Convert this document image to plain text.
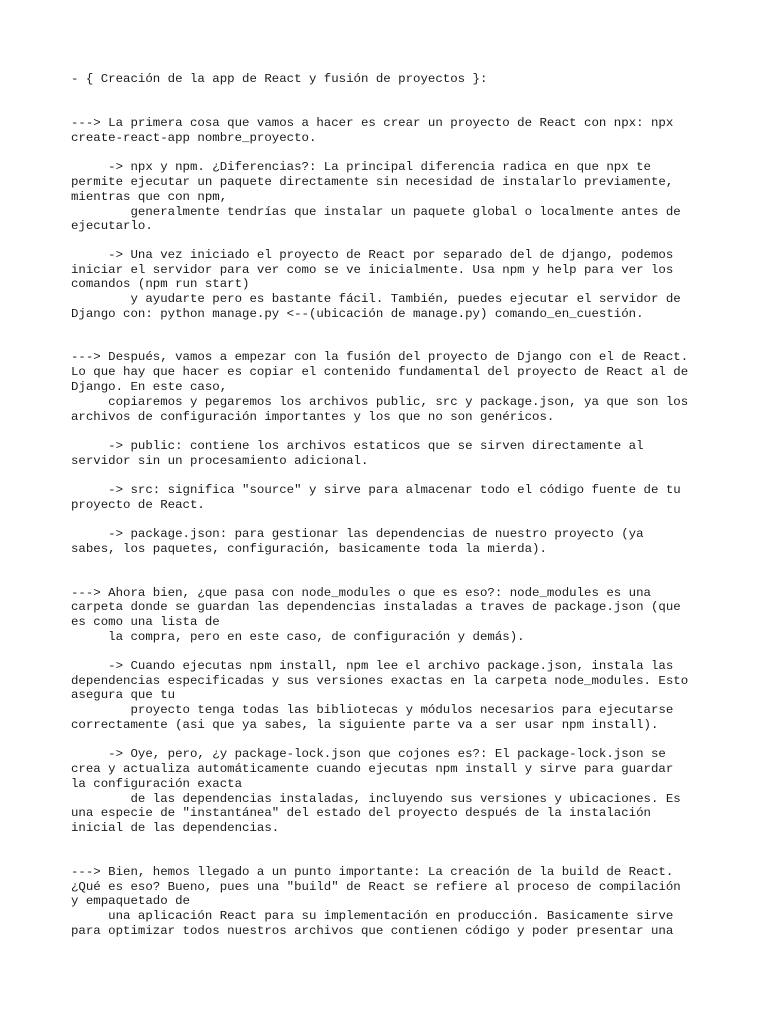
- { Creación de la app de React y fusión de proyectos }:
---> La primera cosa que vamos a hacer es crear un proyecto de React con npx: npx
create-react-app nombre_proyecto.
-> npx y npm. ¿Diferencias?: La principal diferencia radica en que npx te
permite ejecutar un paquete directamente sin necesidad de instalarlo previamente,
mientras que con npm,
generalmente tendrías que instalar un paquete global o localmente antes de
ejecutarlo.
-> Una vez iniciado el proyecto de React por separado del de django, podemos
iniciar el servidor para ver como se ve inicialmente. Usa npm y help para ver los
comandos (npm run start)
y ayudarte pero es bastante fácil. También, puedes ejecutar el servidor de
Django con: python manage.py <--(ubicación de manage.py) comando_en_cuestión.
---> Después, vamos a empezar con la fusión del proyecto de Django con el de React.
Lo que hay que hacer es copiar el contenido fundamental del proyecto de React al de
Django. En este caso,
copiaremos y pegaremos los archivos public, src y package.json, ya que son los
archivos de configuración importantes y los que no son genéricos.
-> public: contiene los archivos estaticos que se sirven directamente al
servidor sin un procesamiento adicional.
-> src: significa "source" y sirve para almacenar todo el código fuente de tu
proyecto de React.
-> package.json: para gestionar las dependencias de nuestro proyecto (ya
sabes, los paquetes, configuración, basicamente toda la mierda).
---> Ahora bien, ¿que pasa con node_modules o que es eso?: node_modules es una
carpeta donde se guardan las dependencias instaladas a traves de package.json (que
es como una lista de
la compra, pero en este caso, de configuración y demás).
-> Cuando ejecutas npm install, npm lee el archivo package.json, instala las
dependencias especificadas y sus versiones exactas en la carpeta node_modules. Esto
asegura que tu
proyecto tenga todas las bibliotecas y módulos necesarios para ejecutarse
correctamente (asi que ya sabes, la siguiente parte va a ser usar npm install).
-> Oye, pero, ¿y package-lock.json que cojones es?: El package-lock.json se
crea y actualiza automáticamente cuando ejecutas npm install y sirve para guardar
la configuración exacta
de las dependencias instaladas, incluyendo sus versiones y ubicaciones. Es
una especie de "instantánea" del estado del proyecto después de la instalación
inicial de las dependencias.
---> Bien, hemos llegado a un punto importante: La creación de la build de React.
¿Qué es eso? Bueno, pues una "build" de React se refiere al proceso de compilación
y empaquetado de
una aplicación React para su implementación en producción. Basicamente sirve
para optimizar todos nuestros archivos que contienen código y poder presentar una
